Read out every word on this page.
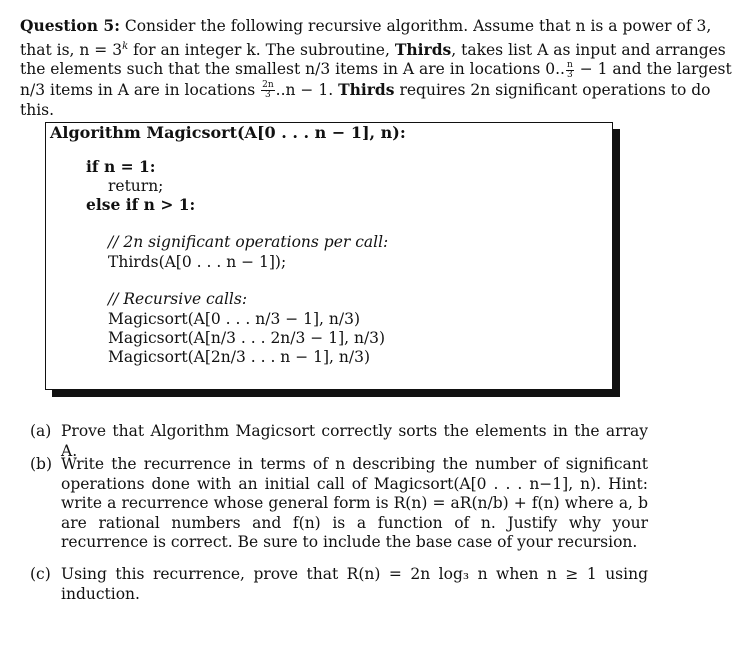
Question 5: Consider the following recursive algorithm. Assume that n is a power of 3,
that is, $n = 3^k$ for an integer k. The subroutine, Thirds, takes list A as input and arranges
the elements such that the smallest n/3 items in A are in locations 0.. $\frac{n}{3} - 1$ and the largest
n/3 items in A are in locations $\frac{2n}{3} ..n - 1$. Thirds requires 2n significant operations to do
this.
Algorithm Magicsort(A[0 . . . n − 1], n):
if n = 1:
return;
else if n > 1:
// 2n significant operations per call:
Thirds(A[0 . . . n − 1]);
// Recursive calls:
Magicsort(A[0 . . . n/3 − 1], n/3)
Magicsort(A[n/3 . . . 2n/3 − 1], n/3)
Magicsort(A[2n/3 . . . n − 1], n/3)
(a) Prove that Algorithm Magicsort correctly sorts the elements in the array A.
(b) Write the recurrence in terms of n describing the number of significant operations done with an initial call of Magicsort(A[0 . . . n−1], n). Hint: write a recurrence whose general form is R(n) = aR(n/b) + f(n) where a, b are rational numbers and f(n) is a function of n. Justify why your recurrence is correct. Be sure to include the base case of your recursion.
(c) Using this recurrence, prove that R(n) = 2n log₃ n when n ≥ 1 using induction.
